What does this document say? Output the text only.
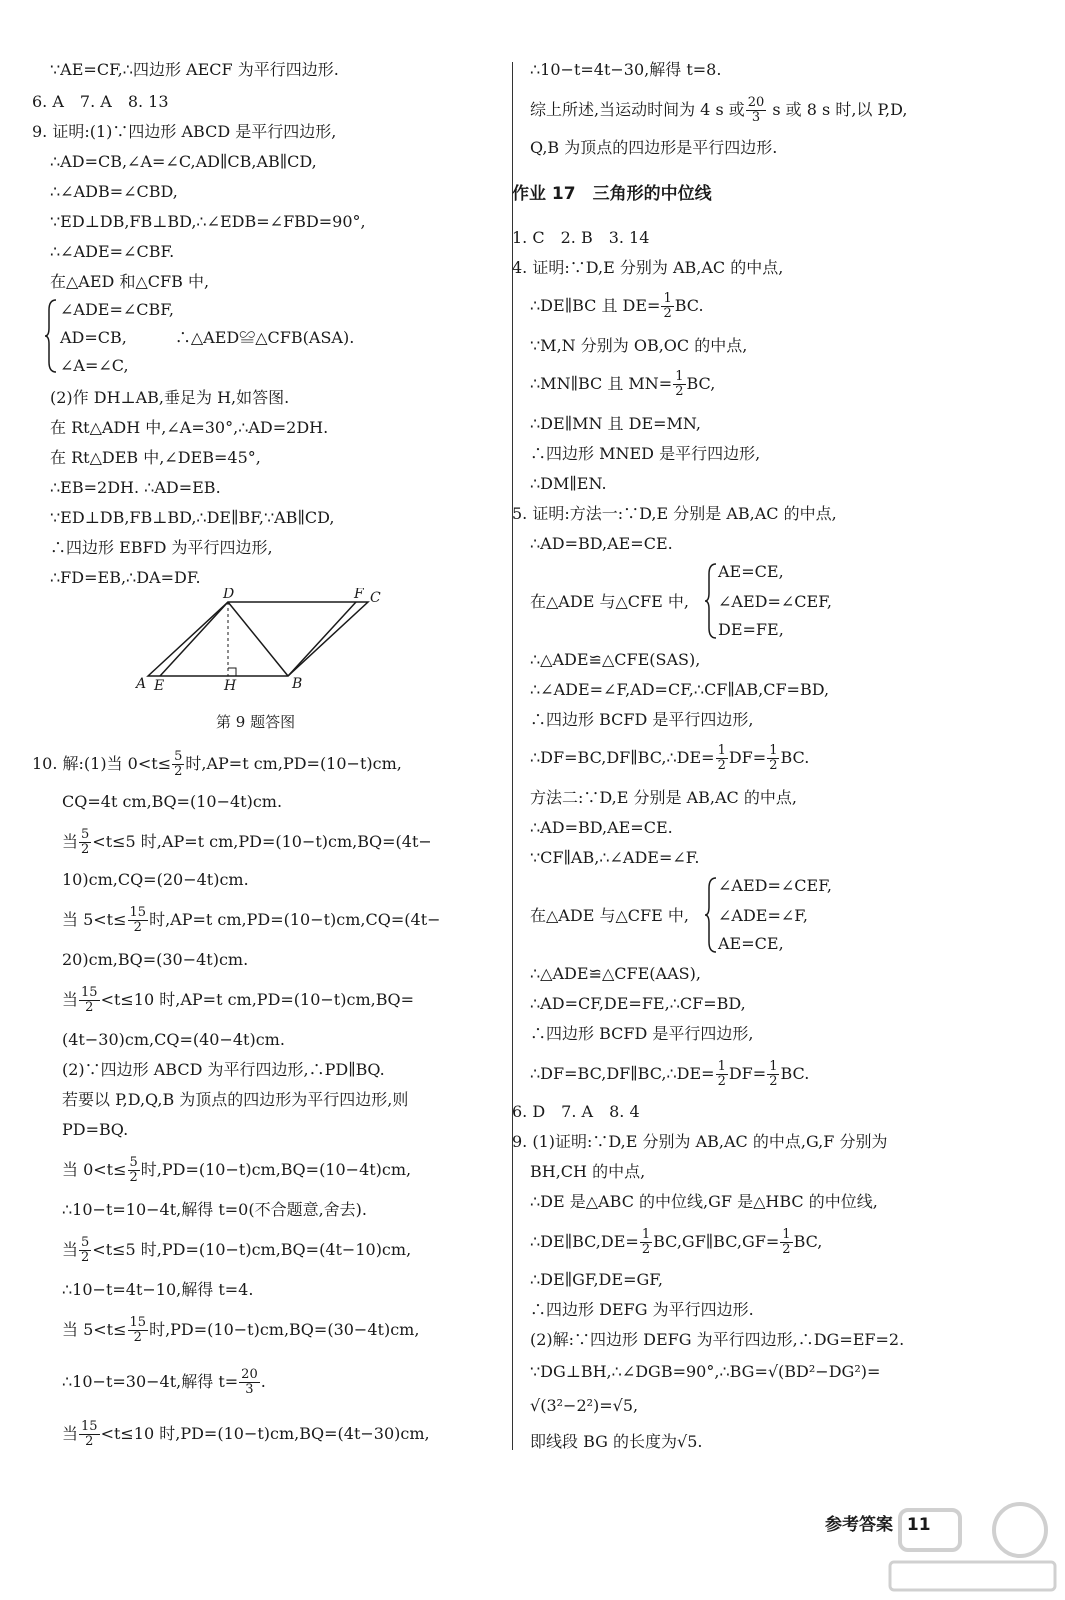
∵AE=CF,∴四边形 AECF 为平行四边形.
6. A　7. A　8. 13
9. 证明:(1)∵四边形 ABCD 是平行四边形,
∴AD=CB,∠A=∠C,AD∥CB,AB∥CD,
∴∠ADB=∠CBD,
∵ED⊥DB,FB⊥BD,∴∠EDB=∠FBD=90°,
∴∠ADE=∠CBF.
在△AED 和△CFB 中,
∠ADE=∠CBF,
AD=CB,　　　∴△AED≌△CFB(ASA).
∠A=∠C,
(2)作 DH⊥AB,垂足为 H,如答图.
在 Rt△ADH 中,∠A=30°,∴AD=2DH.
在 Rt△DEB 中,∠DEB=45°,
∴EB=2DH. ∴AD=EB.
∵ED⊥DB,FB⊥BD,∴DE∥BF,∵AB∥CD,
∴四边形 EBFD 为平行四边形,
∴FD=EB,∴DA=DF.
D	F C
A E	H	B
第 9 题答图
10. 解:(1)当 $0<t\le \frac{5}{2}$ 时,AP=t cm,PD=(10−t)cm,
CQ=4t cm,BQ=(10−4t)cm.
当 $\frac{5}{2} <t\le 5$ 时,AP=t cm,PD=(10−t)cm,BQ=(4t−
10)cm,CQ=(20−4t)cm.
当 $5<t\le \frac{15}{2}$ 时,AP=t cm,PD=(10−t)cm,CQ=(4t−
20)cm,BQ=(30−4t)cm.
当 $\frac{15}{2} <t\le 10$ 时,AP=t cm,PD=(10−t)cm,BQ=
(4t−30)cm,CQ=(40−4t)cm.
(2)∵四边形 ABCD 为平行四边形,∴PD∥BQ.
若要以 P,D,Q,B 为顶点的四边形为平行四边形,则
PD=BQ.
当 $0<t\le \frac{5}{2}$ 时,PD=(10−t)cm,BQ=(10−4t)cm,
∴10−t=10−4t,解得 t=0(不合题意,舍去).
当 $\frac{5}{2} <t\le 5$ 时,PD=(10−t)cm,BQ=(4t−10)cm,
∴10−t=4t−10,解得 t=4.
当 $5<t\le \frac{15}{2}$ 时,PD=(10−t)cm,BQ=(30−4t)cm,
∴10−t=30−4t,解得 $t= \frac{20}{3}$ .
当 $\frac{15}{2} <t\le 10$ 时,PD=(10−t)cm,BQ=(4t−30)cm,
∴10−t=4t−30,解得 t=8.
综上所述,当运动时间为 4 s 或 $\frac{20}{3}$ s 或 8 s 时,以 P,D,
Q,B 为顶点的四边形是平行四边形.
作业 17　三角形的中位线
1. C　2. B　3. 14
4. 证明:∵D,E 分别为 AB,AC 的中点,
∴DE∥BC 且 $DE= \frac{1}{2}$ BC.
∵M,N 分别为 OB,OC 的中点,
∴MN∥BC 且 $MN= \frac{1}{2}$ BC,
∴DE∥MN 且 DE=MN,
∴四边形 MNED 是平行四边形,
∴DM∥EN.
5. 证明:方法一:∵D,E 分别是 AB,AC 的中点,
∴AD=BD,AE=CE.
在△ADE 与△CFE 中,
AE=CE,
∠AED=∠CEF,
DE=FE,
∴△ADE≌△CFE(SAS),
∴∠ADE=∠F,AD=CF,∴CF∥AB,CF=BD,
∴四边形 BCFD 是平行四边形,
∴DF=BC,DF∥BC,∴DE= $\frac{1}{2} DF= \frac{1}{2}$ BC.
方法二:∵D,E 分别是 AB,AC 的中点,
∴AD=BD,AE=CE.
∵CF∥AB,∴∠ADE=∠F.
在△ADE 与△CFE 中,
∠AED=∠CEF,
∠ADE=∠F,
AE=CE,
∴△ADE≌△CFE(AAS),
∴AD=CF,DE=FE,∴CF=BD,
∴四边形 BCFD 是平行四边形,
∴DF=BC,DF∥BC,∴DE= $\frac{1}{2} DF= \frac{1}{2}$ BC.
6. D　7. A　8. 4
9. (1)证明:∵D,E 分别为 AB,AC 的中点,G,F 分别为
BH,CH 的中点,
∴DE 是△ABC 的中位线,GF 是△HBC 的中位线,
∴DE∥BC,DE= $\frac{1}{2}$ BC,GF∥BC,GF= $\frac{1}{2}$ BC,
∴DE∥GF,DE=GF,
∴四边形 DEFG 为平行四边形.
(2)解:∵四边形 DEFG 为平行四边形,∴DG=EF=2.
∵DG⊥BH,∴∠DGB=90°,∴BG=√(BD²−DG²)=
√(3²−2²)=√5,
即线段 BG 的长度为√5.
参考答案 11
